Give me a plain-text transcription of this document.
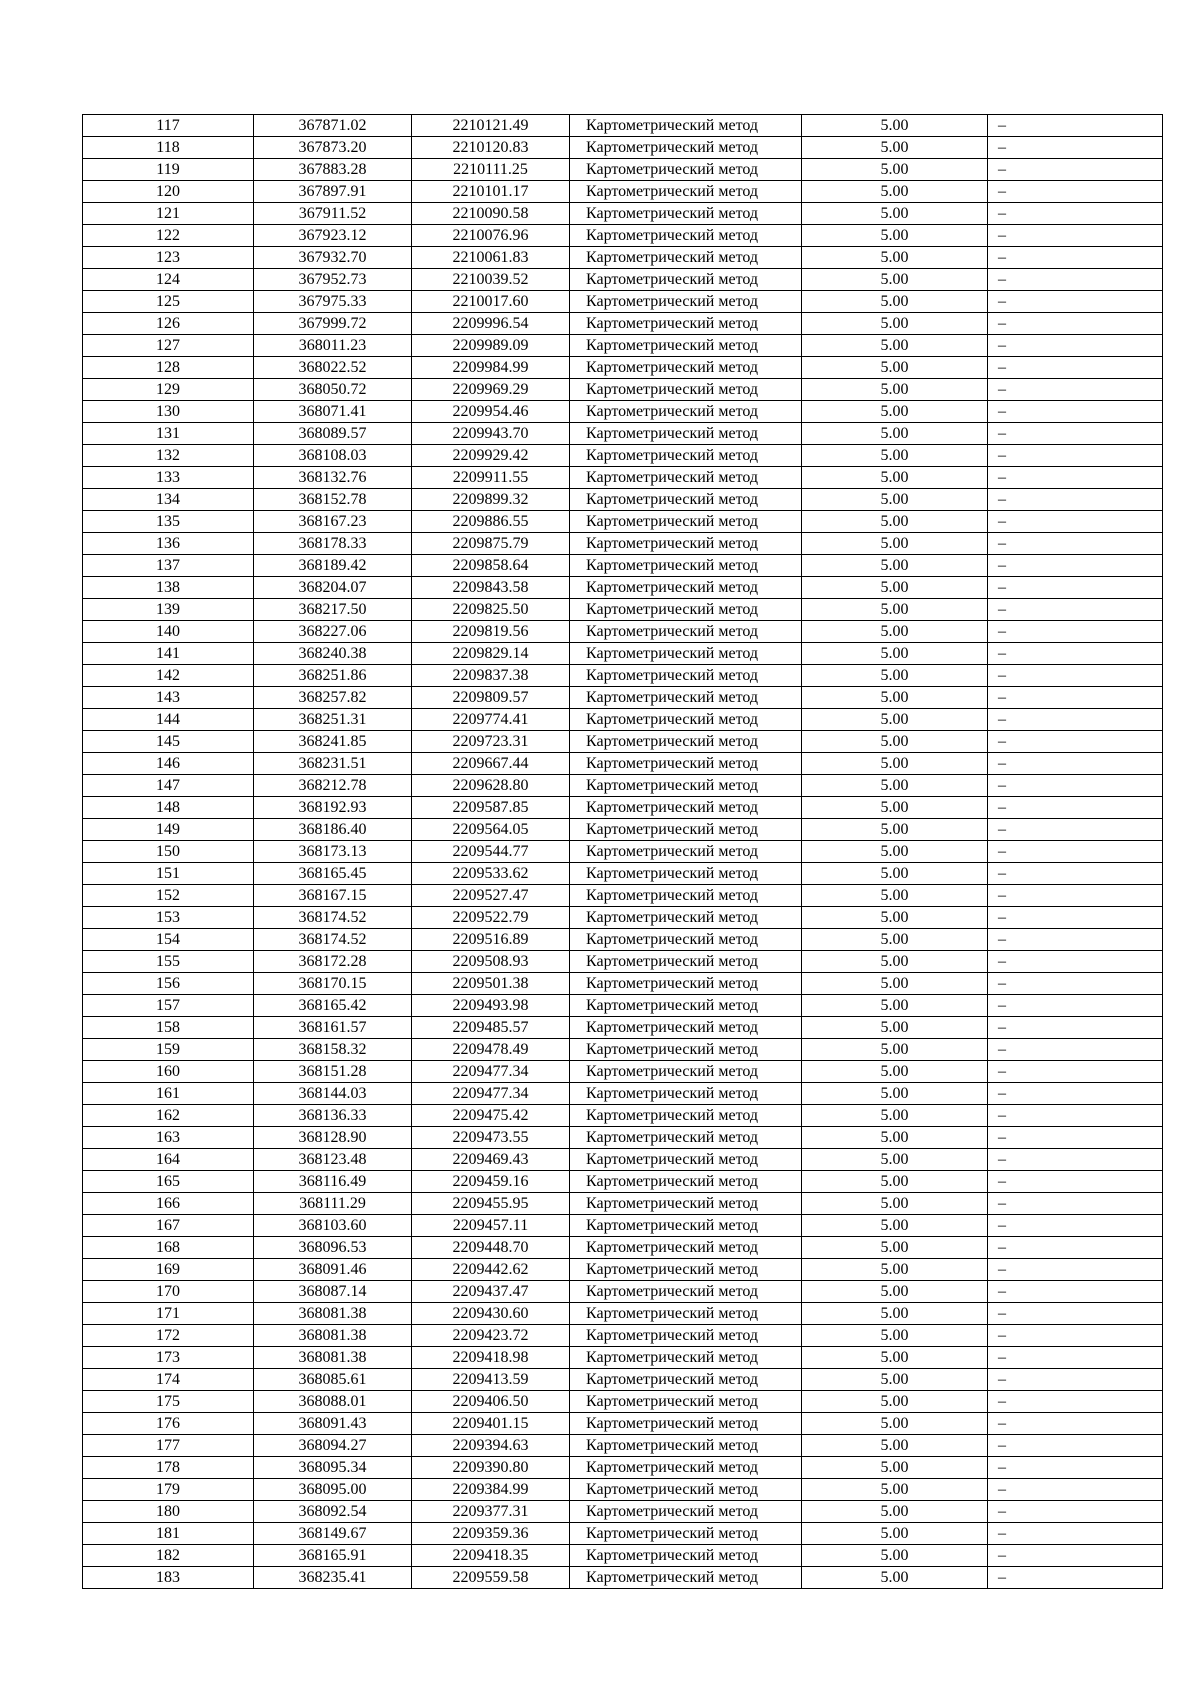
117	367871.02	2210121.49	Картометрический метод	5.00	–
118	367873.20	2210120.83	Картометрический метод	5.00	–
119	367883.28	2210111.25	Картометрический метод	5.00	–
120	367897.91	2210101.17	Картометрический метод	5.00	–
121	367911.52	2210090.58	Картометрический метод	5.00	–
122	367923.12	2210076.96	Картометрический метод	5.00	–
123	367932.70	2210061.83	Картометрический метод	5.00	–
124	367952.73	2210039.52	Картометрический метод	5.00	–
125	367975.33	2210017.60	Картометрический метод	5.00	–
126	367999.72	2209996.54	Картометрический метод	5.00	–
127	368011.23	2209989.09	Картометрический метод	5.00	–
128	368022.52	2209984.99	Картометрический метод	5.00	–
129	368050.72	2209969.29	Картометрический метод	5.00	–
130	368071.41	2209954.46	Картометрический метод	5.00	–
131	368089.57	2209943.70	Картометрический метод	5.00	–
132	368108.03	2209929.42	Картометрический метод	5.00	–
133	368132.76	2209911.55	Картометрический метод	5.00	–
134	368152.78	2209899.32	Картометрический метод	5.00	–
135	368167.23	2209886.55	Картометрический метод	5.00	–
136	368178.33	2209875.79	Картометрический метод	5.00	–
137	368189.42	2209858.64	Картометрический метод	5.00	–
138	368204.07	2209843.58	Картометрический метод	5.00	–
139	368217.50	2209825.50	Картометрический метод	5.00	–
140	368227.06	2209819.56	Картометрический метод	5.00	–
141	368240.38	2209829.14	Картометрический метод	5.00	–
142	368251.86	2209837.38	Картометрический метод	5.00	–
143	368257.82	2209809.57	Картометрический метод	5.00	–
144	368251.31	2209774.41	Картометрический метод	5.00	–
145	368241.85	2209723.31	Картометрический метод	5.00	–
146	368231.51	2209667.44	Картометрический метод	5.00	–
147	368212.78	2209628.80	Картометрический метод	5.00	–
148	368192.93	2209587.85	Картометрический метод	5.00	–
149	368186.40	2209564.05	Картометрический метод	5.00	–
150	368173.13	2209544.77	Картометрический метод	5.00	–
151	368165.45	2209533.62	Картометрический метод	5.00	–
152	368167.15	2209527.47	Картометрический метод	5.00	–
153	368174.52	2209522.79	Картометрический метод	5.00	–
154	368174.52	2209516.89	Картометрический метод	5.00	–
155	368172.28	2209508.93	Картометрический метод	5.00	–
156	368170.15	2209501.38	Картометрический метод	5.00	–
157	368165.42	2209493.98	Картометрический метод	5.00	–
158	368161.57	2209485.57	Картометрический метод	5.00	–
159	368158.32	2209478.49	Картометрический метод	5.00	–
160	368151.28	2209477.34	Картометрический метод	5.00	–
161	368144.03	2209477.34	Картометрический метод	5.00	–
162	368136.33	2209475.42	Картометрический метод	5.00	–
163	368128.90	2209473.55	Картометрический метод	5.00	–
164	368123.48	2209469.43	Картометрический метод	5.00	–
165	368116.49	2209459.16	Картометрический метод	5.00	–
166	368111.29	2209455.95	Картометрический метод	5.00	–
167	368103.60	2209457.11	Картометрический метод	5.00	–
168	368096.53	2209448.70	Картометрический метод	5.00	–
169	368091.46	2209442.62	Картометрический метод	5.00	–
170	368087.14	2209437.47	Картометрический метод	5.00	–
171	368081.38	2209430.60	Картометрический метод	5.00	–
172	368081.38	2209423.72	Картометрический метод	5.00	–
173	368081.38	2209418.98	Картометрический метод	5.00	–
174	368085.61	2209413.59	Картометрический метод	5.00	–
175	368088.01	2209406.50	Картометрический метод	5.00	–
176	368091.43	2209401.15	Картометрический метод	5.00	–
177	368094.27	2209394.63	Картометрический метод	5.00	–
178	368095.34	2209390.80	Картометрический метод	5.00	–
179	368095.00	2209384.99	Картометрический метод	5.00	–
180	368092.54	2209377.31	Картометрический метод	5.00	–
181	368149.67	2209359.36	Картометрический метод	5.00	–
182	368165.91	2209418.35	Картометрический метод	5.00	–
183	368235.41	2209559.58	Картометрический метод	5.00	–
